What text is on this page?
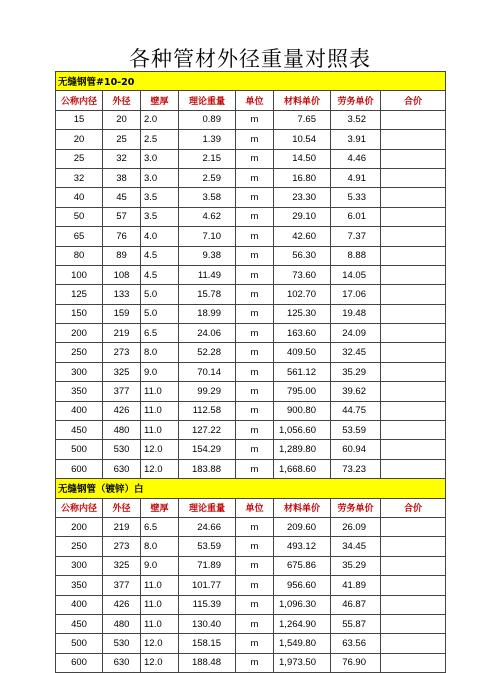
各种管材外径重量对照表
无缝钢管#10-20							
公称内径	外径	壁厚	理论重量	单位	材料单价	劳务单价	合价
15	20	2.0	0.89	m	7.65	3.52	
20	25	2.5	1.39	m	10.54	3.91	
25	32	3.0	2.15	m	14.50	4.46	
32	38	3.0	2.59	m	16.80	4.91	
40	45	3.5	3.58	m	23.30	5.33	
50	57	3.5	4.62	m	29.10	6.01	
65	76	4.0	7.10	m	42.60	7.37	
80	89	4.5	9.38	m	56.30	8.88	
100	108	4.5	11.49	m	73.60	14.05	
125	133	5.0	15.78	m	102.70	17.06	
150	159	5.0	18.99	m	125.30	19.48	
200	219	6.5	24.06	m	163.60	24.09	
250	273	8.0	52.28	m	409.50	32.45	
300	325	9.0	70.14	m	561.12	35.29	
350	377	11.0	99.29	m	795.00	39.62	
400	426	11.0	112.58	m	900.80	44.75	
450	480	11.0	127.22	m	1,056.60	53.59	
500	530	12.0	154.29	m	1,289.80	60.94	
600	630	12.0	183.88	m	1,668.60	73.23	
无缝钢管（镀锌）白							
公称内径	外径	壁厚	理论重量	单位	材料单价	劳务单价	合价
200	219	6.5	24.66	m	209.60	26.09	
250	273	8.0	53.59	m	493.12	34.45	
300	325	9.0	71.89	m	675.86	35.29	
350	377	11.0	101.77	m	956.60	41.89	
400	426	11.0	115.39	m	1,096.30	46.87	
450	480	11.0	130.40	m	1,264.90	55.87	
500	530	12.0	158.15	m	1,549.80	63.56	
600	630	12.0	188.48	m	1,973.50	76.90	
